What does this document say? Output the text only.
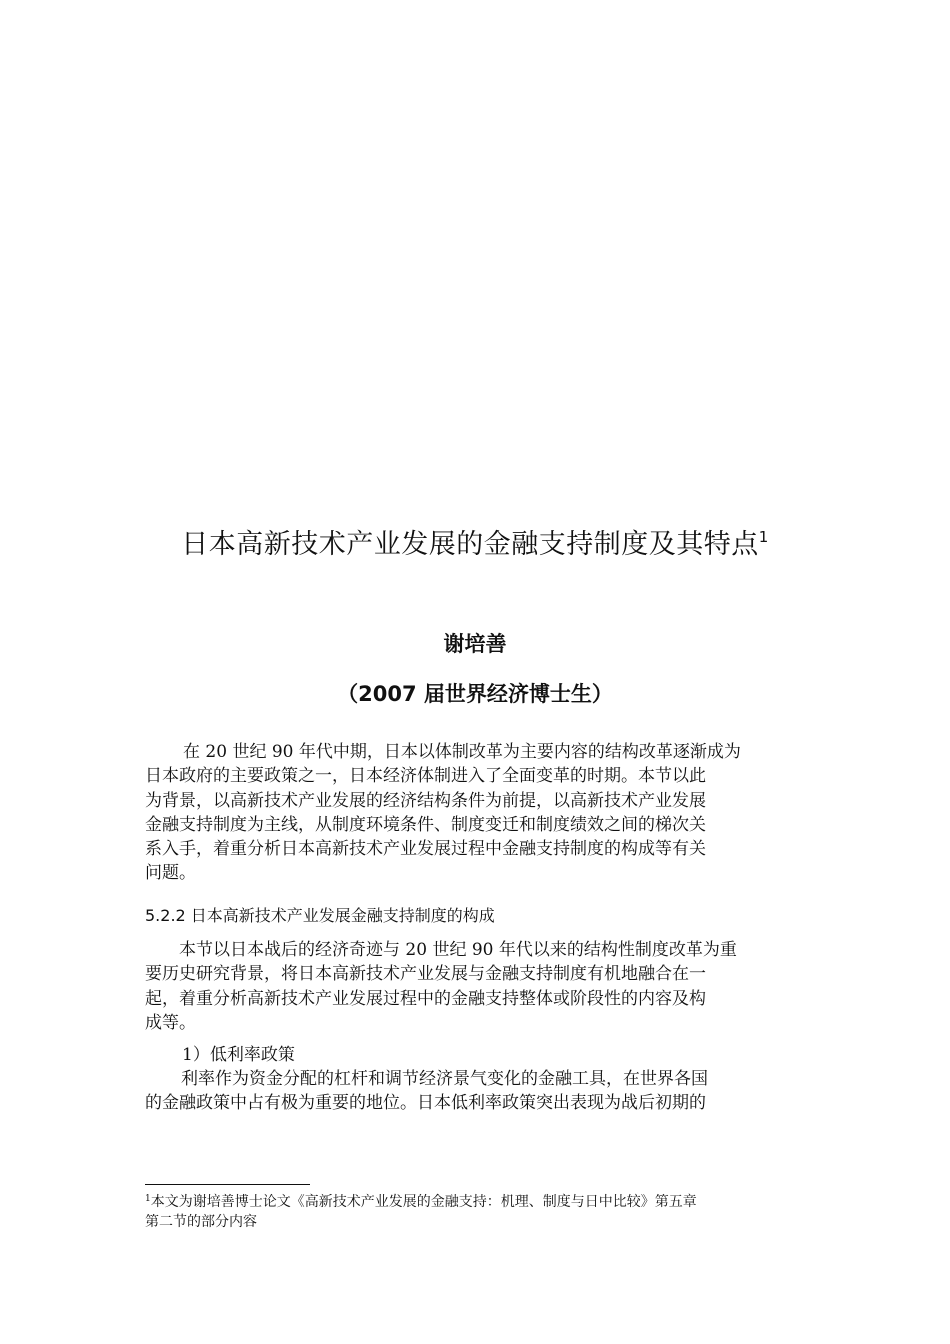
日本高新技术产业发展的金融支持制度及其特点$^1$
谢培善
（2007 届世界经济博士生）
在 20 世纪 90 年代中期，日本以体制改革为主要内容的结构改革逐渐成为
日本政府的主要政策之一，日本经济体制进入了全面变革的时期。本节以此
为背景，以高新技术产业发展的经济结构条件为前提，以高新技术产业发展
金融支持制度为主线，从制度环境条件、制度变迁和制度绩效之间的梯次关
系入手，着重分析日本高新技术产业发展过程中金融支持制度的构成等有关
问题。
5.2.2 日本高新技术产业发展金融支持制度的构成
本节以日本战后的经济奇迹与 20 世纪 90 年代以来的结构性制度改革为重
要历史研究背景，将日本高新技术产业发展与金融支持制度有机地融合在一
起，着重分析高新技术产业发展过程中的金融支持整体或阶段性的内容及构
成等。
1）低利率政策
利率作为资金分配的杠杆和调节经济景气变化的金融工具，在世界各国
的金融政策中占有极为重要的地位。日本低利率政策突出表现为战后初期的
$^1$本文为谢培善博士论文《高新技术产业发展的金融支持：机理、制度与日中比较》第五章
第二节的部分内容
